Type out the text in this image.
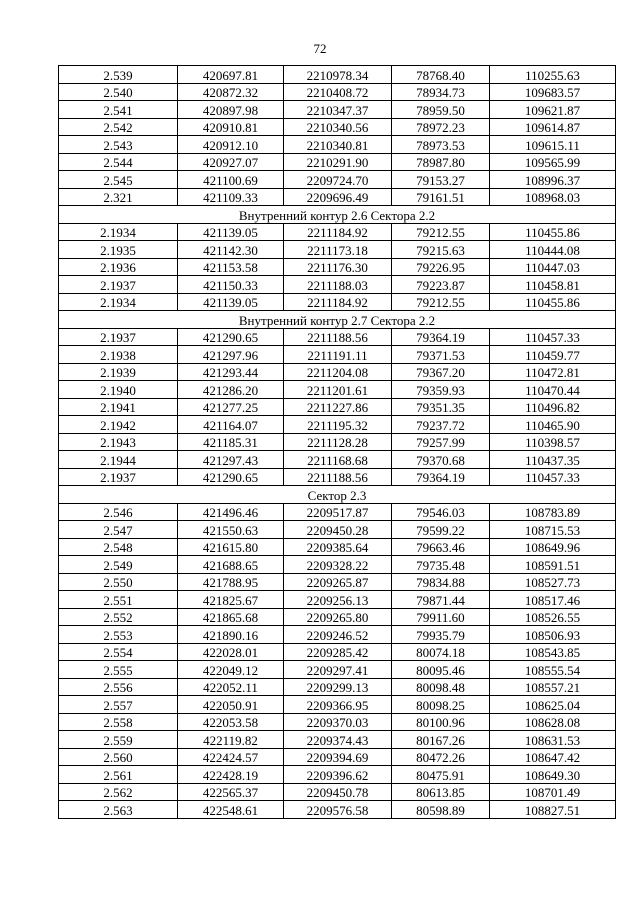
72
2.539	420697.81	2210978.34	78768.40	110255.63
2.540	420872.32	2210408.72	78934.73	109683.57
2.541	420897.98	2210347.37	78959.50	109621.87
2.542	420910.81	2210340.56	78972.23	109614.87
2.543	420912.10	2210340.81	78973.53	109615.11
2.544	420927.07	2210291.90	78987.80	109565.99
2.545	421100.69	2209724.70	79153.27	108996.37
2.321	421109.33	2209696.49	79161.51	108968.03
Внутренний контур 2.6 Сектора 2.2				
2.1934	421139.05	2211184.92	79212.55	110455.86
2.1935	421142.30	2211173.18	79215.63	110444.08
2.1936	421153.58	2211176.30	79226.95	110447.03
2.1937	421150.33	2211188.03	79223.87	110458.81
2.1934	421139.05	2211184.92	79212.55	110455.86
Внутренний контур 2.7 Сектора 2.2				
2.1937	421290.65	2211188.56	79364.19	110457.33
2.1938	421297.96	2211191.11	79371.53	110459.77
2.1939	421293.44	2211204.08	79367.20	110472.81
2.1940	421286.20	2211201.61	79359.93	110470.44
2.1941	421277.25	2211227.86	79351.35	110496.82
2.1942	421164.07	2211195.32	79237.72	110465.90
2.1943	421185.31	2211128.28	79257.99	110398.57
2.1944	421297.43	2211168.68	79370.68	110437.35
2.1937	421290.65	2211188.56	79364.19	110457.33
Сектор 2.3				
2.546	421496.46	2209517.87	79546.03	108783.89
2.547	421550.63	2209450.28	79599.22	108715.53
2.548	421615.80	2209385.64	79663.46	108649.96
2.549	421688.65	2209328.22	79735.48	108591.51
2.550	421788.95	2209265.87	79834.88	108527.73
2.551	421825.67	2209256.13	79871.44	108517.46
2.552	421865.68	2209265.80	79911.60	108526.55
2.553	421890.16	2209246.52	79935.79	108506.93
2.554	422028.01	2209285.42	80074.18	108543.85
2.555	422049.12	2209297.41	80095.46	108555.54
2.556	422052.11	2209299.13	80098.48	108557.21
2.557	422050.91	2209366.95	80098.25	108625.04
2.558	422053.58	2209370.03	80100.96	108628.08
2.559	422119.82	2209374.43	80167.26	108631.53
2.560	422424.57	2209394.69	80472.26	108647.42
2.561	422428.19	2209396.62	80475.91	108649.30
2.562	422565.37	2209450.78	80613.85	108701.49
2.563	422548.61	2209576.58	80598.89	108827.51
